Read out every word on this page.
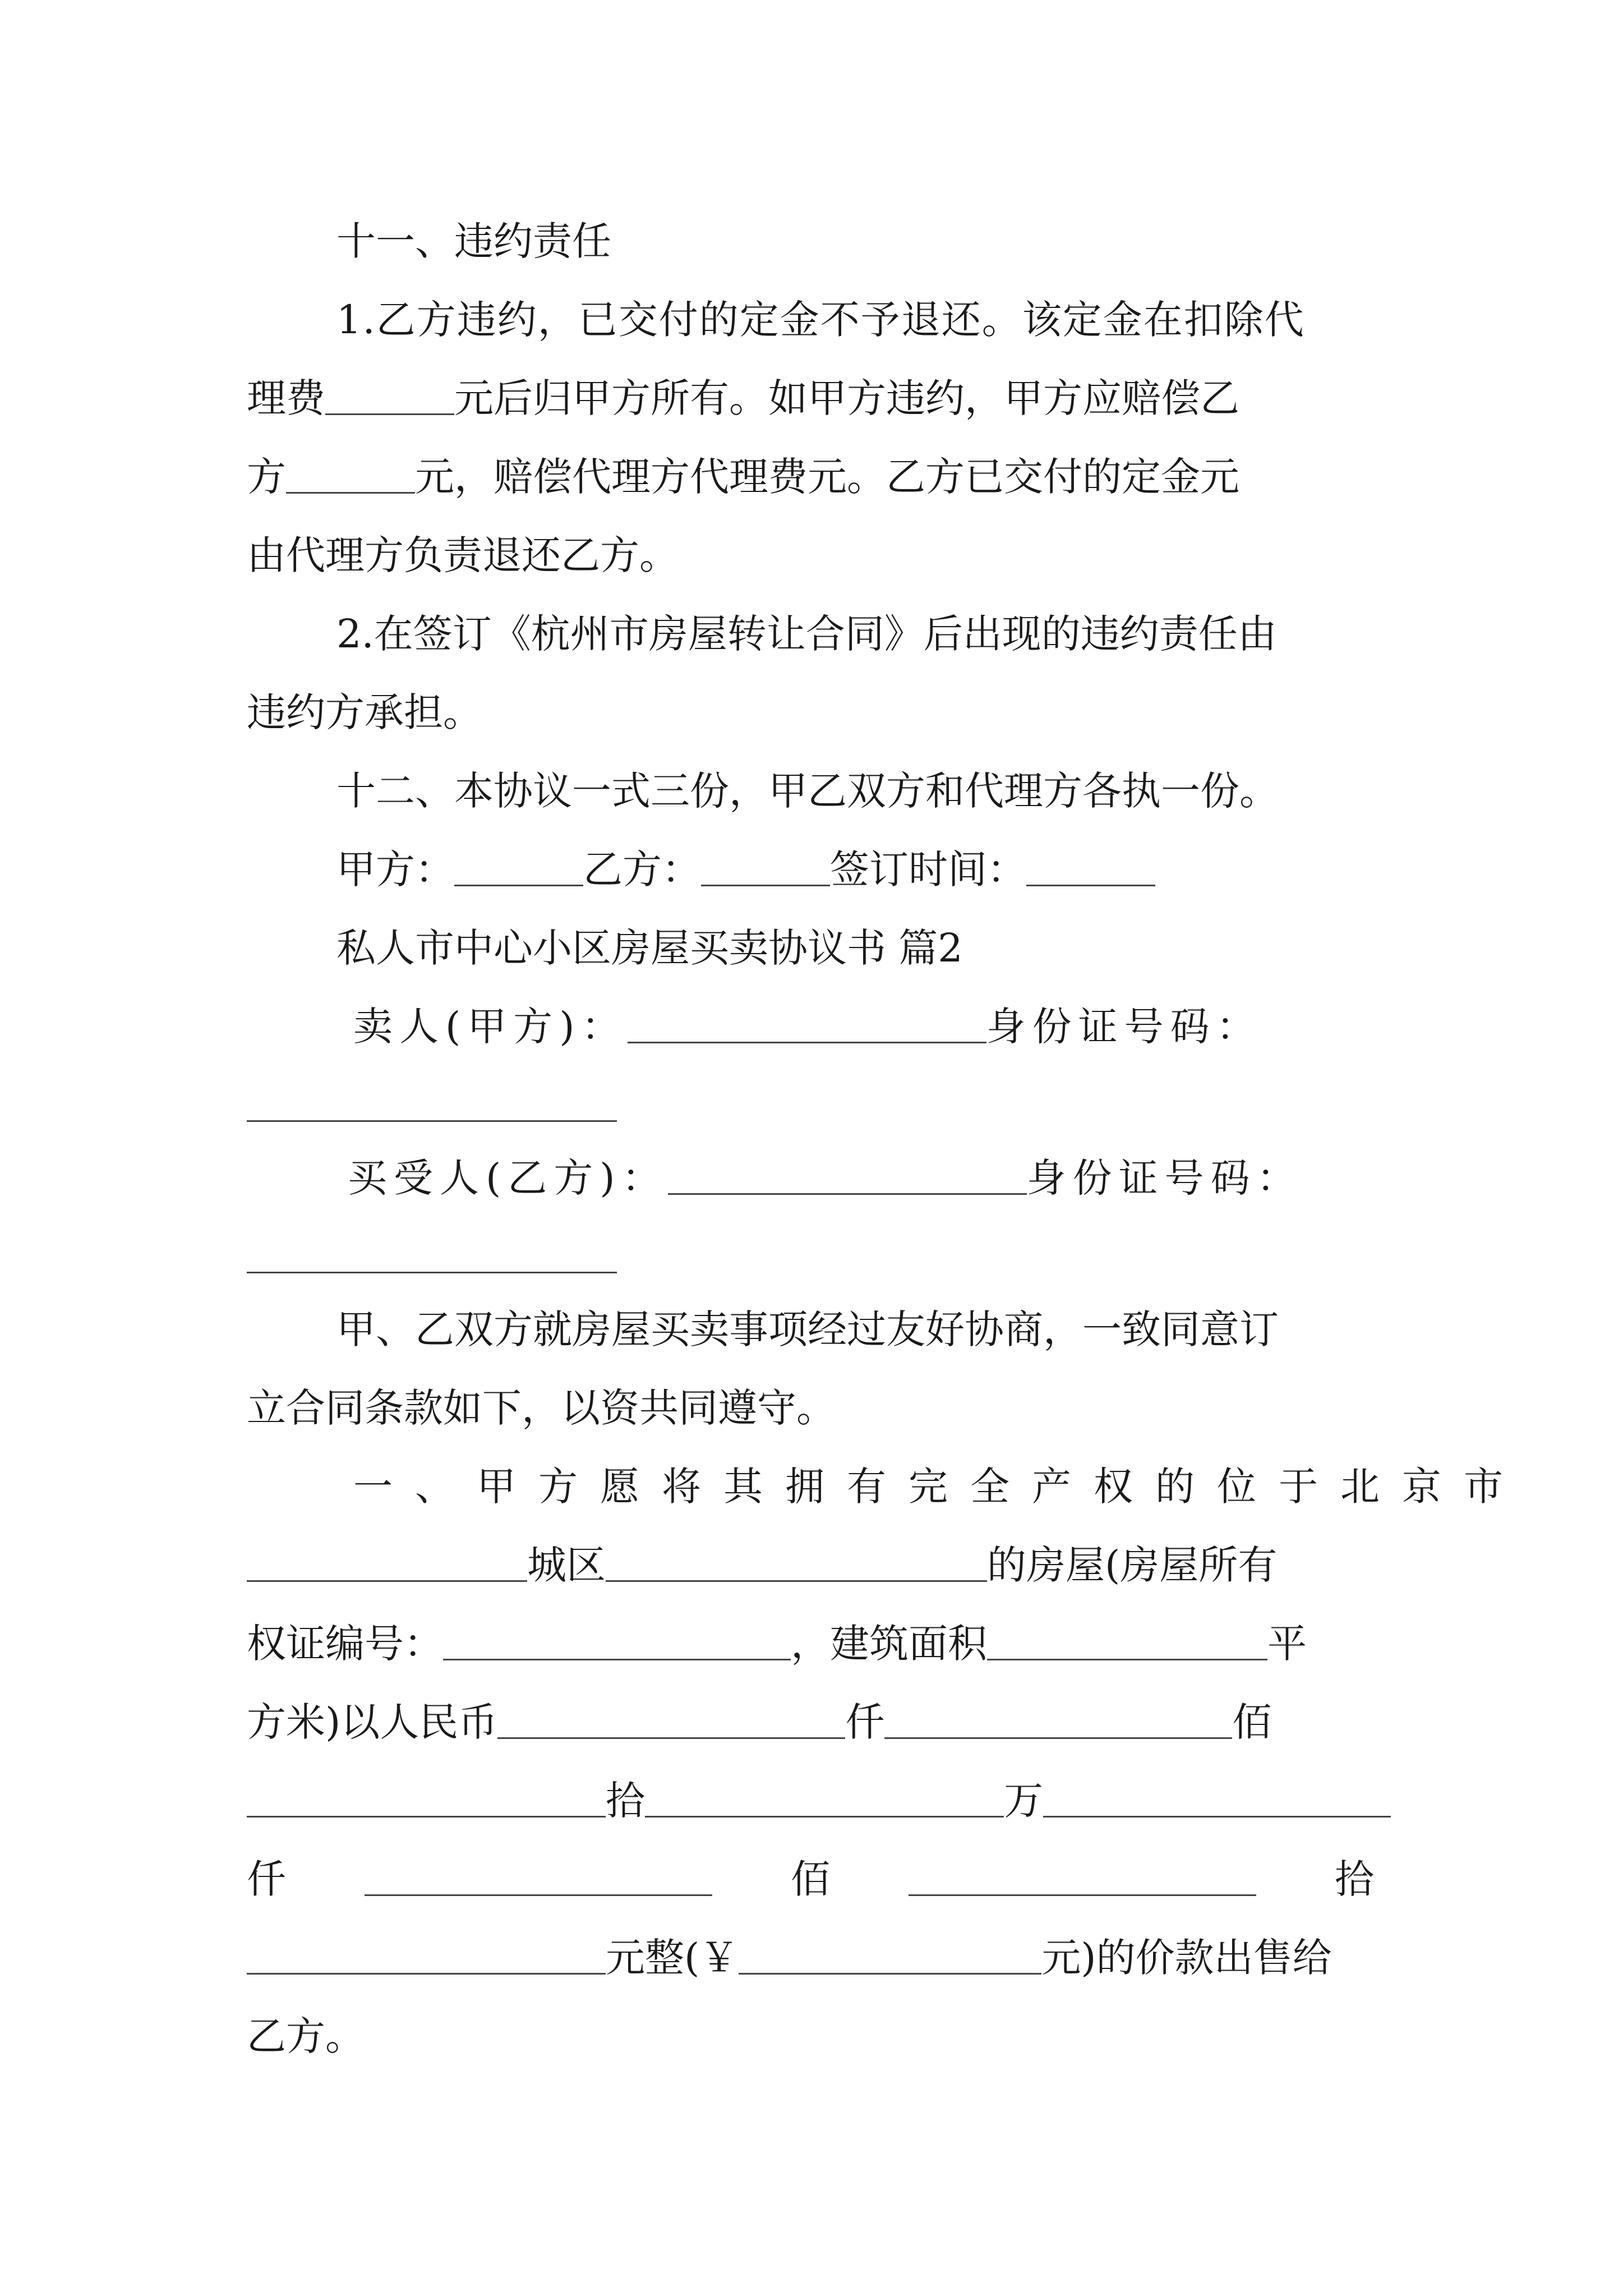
十一、违约责任
1.乙方违约，已交付的定金不予退还。该定金在扣除代
理费	元后归甲方所有。如甲方违约，甲方应赔偿乙
方	元，赔偿代理方代理费元。乙方已交付的定金元
由代理方负责退还乙方。
2.在签订《杭州市房屋转让合同》后出现的违约责任由
违约方承担。
十二、本协议一式三份，甲乙双方和代理方各执一份。
甲方：	乙方：	签订时间：
私人市中心小区房屋买卖协议书 篇2
卖人(甲方)：	身份证号码：
买受人(乙方)：	身份证号码：
甲、乙双方就房屋买卖事项经过友好协商，一致同意订
立合同条款如下，以资共同遵守。
一、甲方愿将其拥有完全产权的位于北京市
城区	的房屋(房屋所有
权证编号：	，建筑面积	平
方米)以人民币	仟	佰
拾	万
仟	佰	拾
元整(￥	元)的价款出售给
乙方。
